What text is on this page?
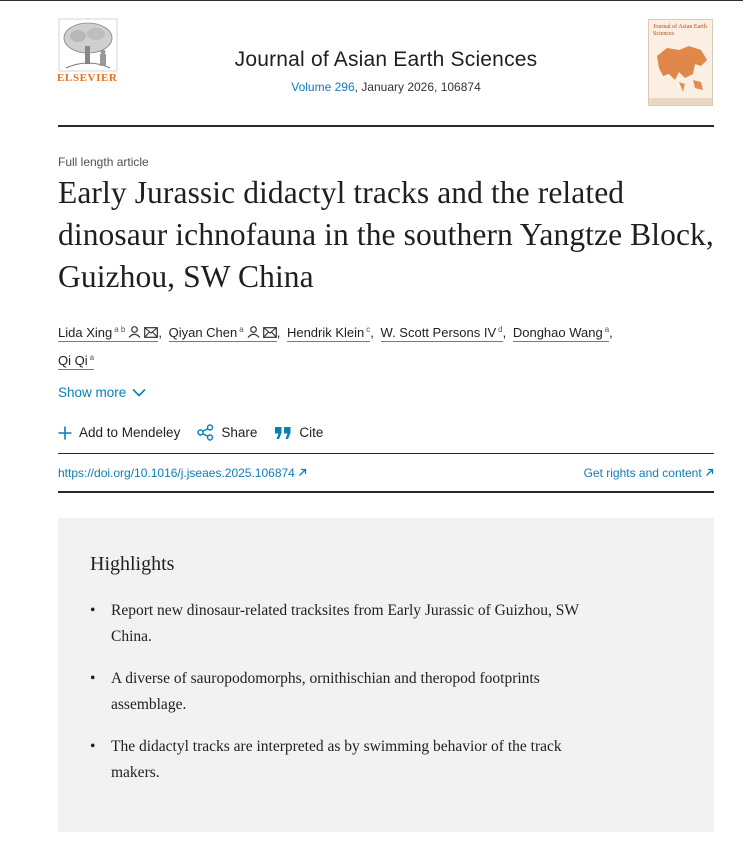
ELSEVIER
Journal of Asian Earth Sciences
Volume 296, January 2026, 106874
Journal of Asian Earth Sciences
Full length article
Early Jurassic didactyl tracks and the related dinosaur ichnofauna in the southern Yangtze Block, Guizhou, SW China
Lida Xing $^{a b}$	, Qiyan Chen $^a$	, Hendrik Klein $^c$, W. Scott Persons IV $^d$, Donghao Wang $^a$,
Qi Qi $^a$
Show more
Add to Mendeley	Share	Cite
https://doi.org/10.1016/j.jseaes.2025.106874	Get rights and content
Highlights
• Report new dinosaur-related tracksites from Early Jurassic of Guizhou, SW China.
• A diverse of sauropodomorphs, ornithischian and theropod footprints assemblage.
• The didactyl tracks are interpreted as by swimming behavior of the track makers.
